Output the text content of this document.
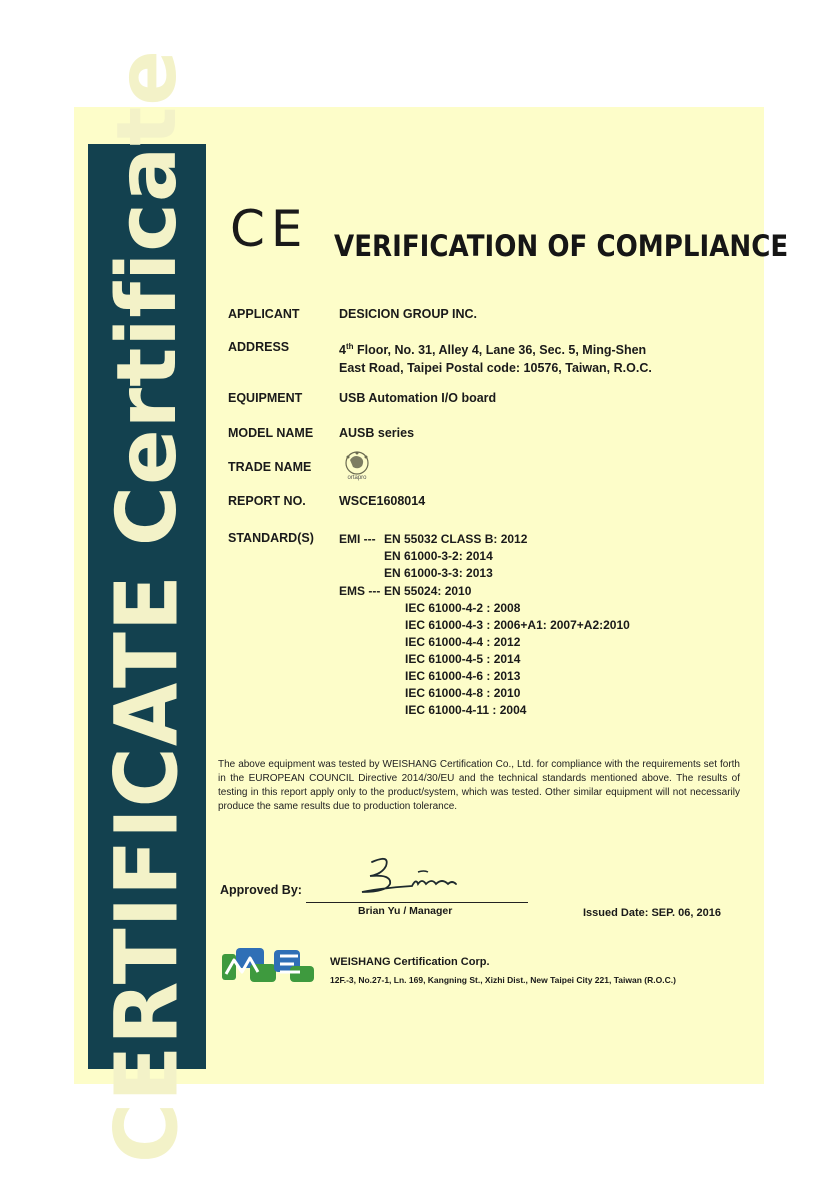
CERTIFICATE
Certificate CE VERIFICATION OF COMPLIANCE
APPLICANT	DESICION GROUP INC.
ADDRESS	4th Floor, No. 31, Alley 4, Lane 36, Sec. 5, Ming-Shen
East Road, Taipei Postal code: 10576, Taiwan, R.O.C.
EQUIPMENT	USB Automation I/O board
MODEL NAME AUSB series
TRADE NAME
ortapro
REPORT NO.	WSCE1608014
STANDARD(S) EMI --- EN 55032 CLASS B: 2012
EN 61000-3-2: 2014
EN 61000-3-3: 2013
EMS --- EN 55024: 2010
IEC 61000-4-2 : 2008
IEC 61000-4-3 : 2006+A1: 2007+A2:2010
IEC 61000-4-4 : 2012
IEC 61000-4-5 : 2014
IEC 61000-4-6 : 2013
IEC 61000-4-8 : 2010
IEC 61000-4-11 : 2004
The above equipment was tested by WEISHANG Certification Co., Ltd. for compliance with the requirements set forth in the EUROPEAN COUNCIL Directive 2014/30/EU and the technical standards mentioned above. The results of testing in this report apply only to the product/system, which was tested. Other similar equipment will not necessarily produce the same results due to production tolerance.
Approved By:
Brian Yu / Manager	Issued Date: SEP. 06, 2016
WEISHANG Certification Corp.
12F.-3, No.27-1, Ln. 169, Kangning St., Xizhi Dist., New Taipei City 221, Taiwan (R.O.C.)
